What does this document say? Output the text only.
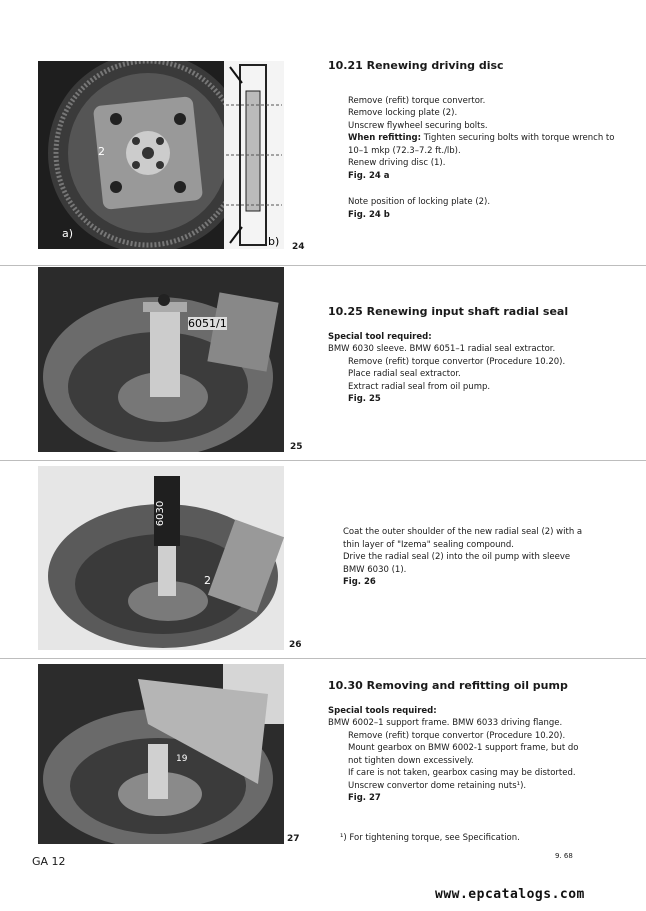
a)
b)
2
24
6051/1
25
6030
2
26
19
27
10.21 Renewing driving disc

Remove (refit) torque convertor.

Remove locking plate (2).

Unscrew flywheel securing bolts.

When refitting: Tighten securing bolts with torque wrench to 10–1 mkp (72.3–7.2 ft./lb).

Renew driving disc (1).

Fig. 24 a

Note position of locking plate (2).

Fig. 24 b

10.25 Renewing input shaft radial seal

Special tool required:

BMW 6030 sleeve. BMW 6051–1 radial seal extractor.

Remove (refit) torque convertor (Procedure 10.20).

Place radial seal extractor.

Extract radial seal from oil pump.

Fig. 25

Coat the outer shoulder of the new radial seal (2) with a thin layer of "Izema" sealing compound.

Drive the radial seal (2) into the oil pump with sleeve BMW 6030 (1).

Fig. 26

10.30 Removing and refitting oil pump

Special tools required:

BMW 6002–1 support frame. BMW 6033 driving flange.

Remove (refit) torque convertor (Procedure 10.20).

Mount gearbox on BMW 6002-1 support frame, but do not tighten down excessively.

If care is not taken, gearbox casing may be distorted.

Unscrew convertor dome retaining nuts¹).

Fig. 27

¹) For tightening torque, see Specification.

GA 12	9. 68
www.epcatalogs.com
